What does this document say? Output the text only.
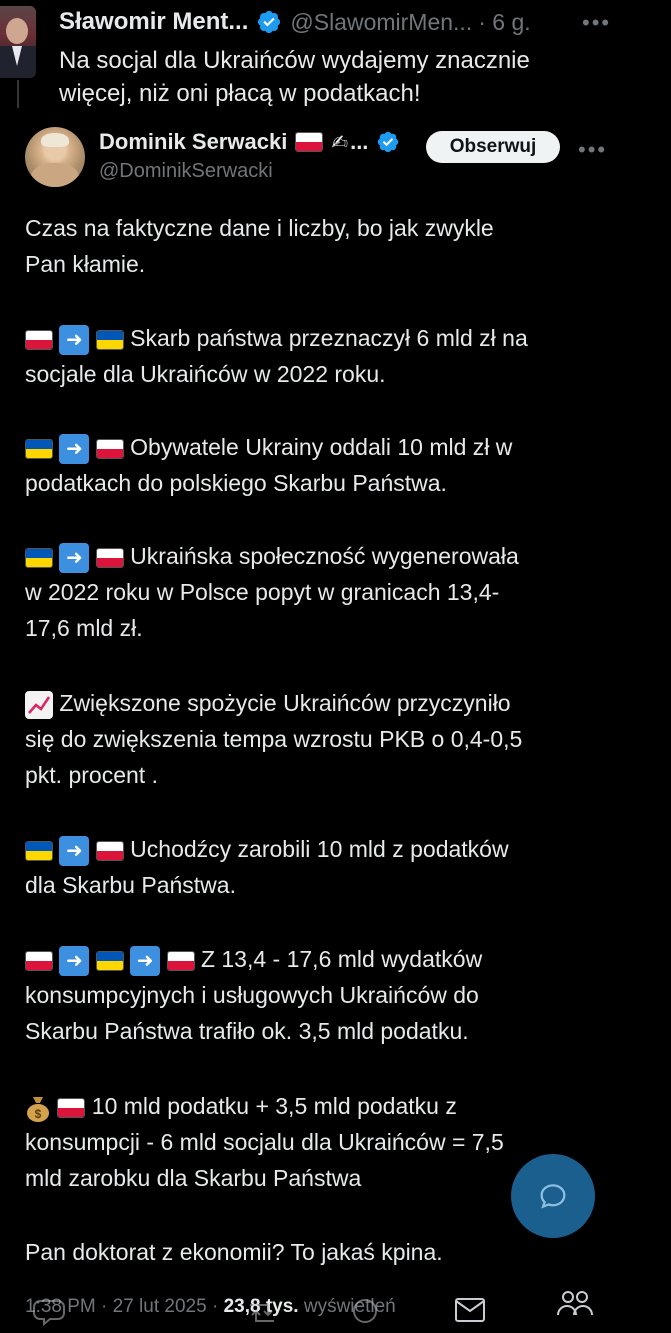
Sławomir Ment... @SlawomirMen... · 6 g. •••
Na socjal dla Ukraińców wydajemy znacznie
więcej, niż oni płacą w podatkach!
Dominik Serwacki ✍ ...	Obserwuj	•••
@DominikSerwacki
Czas na faktyczne dane i liczby, bo jak zwykle
Pan kłamie.
➜ Skarb państwa przeznaczył 6 mld zł na
socjale dla Ukraińców w 2022 roku.
➜ Obywatele Ukrainy oddali 10 mld zł w
podatkach do polskiego Skarbu Państwa.
➜ Ukraińska społeczność wygenerowała
w 2022 roku w Polsce popyt w granicach 13,4-
17,6 mld zł.
Zwiększone spożycie Ukraińców przyczyniło
się do zwiększenia tempa wzrostu PKB o 0,4-0,5
pkt. procent .
➜ Uchodźcy zarobili 10 mld z podatków
dla Skarbu Państwa.
➜	➜ Z 13,4 - 17,6 mld wydatków
konsumpcyjnych i usługowych Ukraińców do
Skarbu Państwa trafiło ok. 3,5 mld podatku.
$
10 mld podatku + 3,5 mld podatku z
konsumpcji - 6 mld socjalu dla Ukraińców = 7,5
mld zarobku dla Skarbu Państwa
Pan doktorat z ekonomii? To jakaś kpina.
1:38 PM · 27 lut 2025 · 23,8 tys. wyświetleń
